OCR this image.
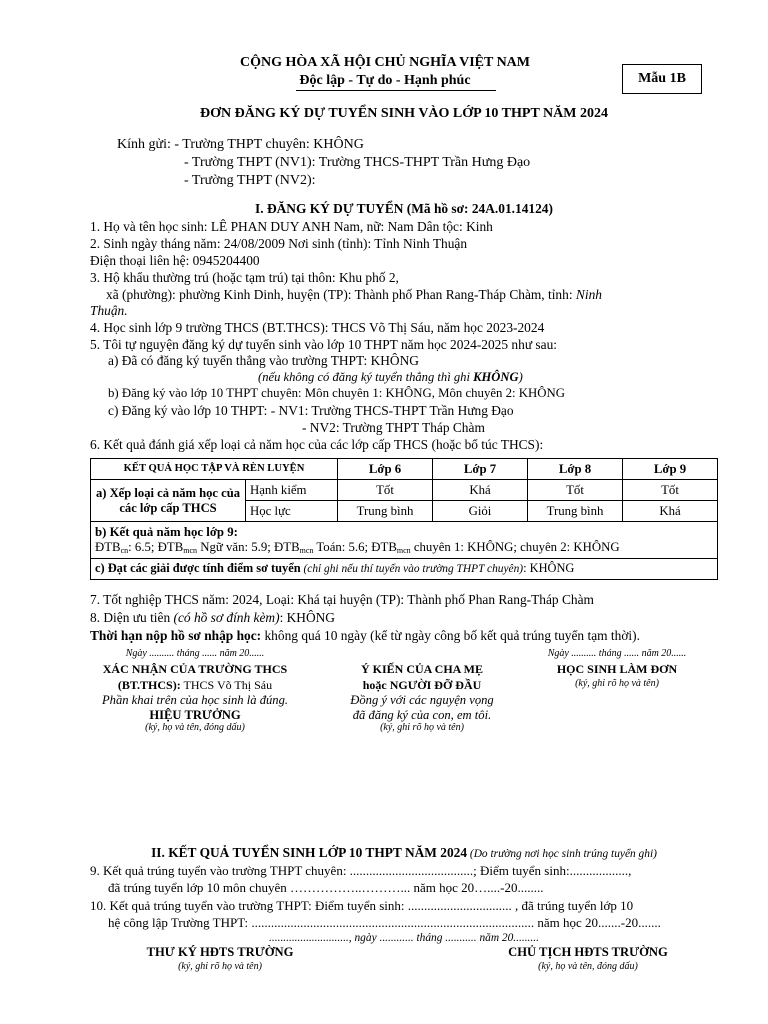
CỘNG HÒA XÃ HỘI CHỦ NGHĨA VIỆT NAM
Độc lập - Tự do - Hạnh phúc	Mẫu 1B
ĐƠN ĐĂNG KÝ DỰ TUYỂN SINH VÀO LỚP 10 THPT NĂM 2024
Kính gửi: - Trường THPT chuyên: KHÔNG
- Trường THPT (NV1): Trường THCS-THPT Trần Hưng Đạo
- Trường THPT (NV2):
I. ĐĂNG KÝ DỰ TUYỂN (Mã hồ sơ: 24A.01.14124)
1. Họ và tên học sinh: LÊ PHAN DUY ANH Nam, nữ: Nam Dân tộc: Kinh
2. Sinh ngày tháng năm: 24/08/2009 Nơi sinh (tỉnh): Tỉnh Ninh Thuận
Điện thoại liên hệ: 0945204400
3. Hộ khẩu thường trú (hoặc tạm trú) tại thôn: Khu phố 2,
xã (phường): phường Kinh Dinh, huyện (TP): Thành phố Phan Rang-Tháp Chàm, tỉnh: Ninh
Thuận.
4. Học sinh lớp 9 trường THCS (BT.THCS): THCS Võ Thị Sáu, năm học 2023-2024
5. Tôi tự nguyện đăng ký dự tuyển sinh vào lớp 10 THPT năm học 2024-2025 như sau:
a) Đã có đăng ký tuyển thẳng vào trường THPT: KHÔNG
(nếu không có đăng ký tuyển thẳng thì ghi KHÔNG)
b) Đăng ký vào lớp 10 THPT chuyên: Môn chuyên 1: KHÔNG, Môn chuyên 2: KHÔNG
c) Đăng ký vào lớp 10 THPT: - NV1: Trường THCS-THPT Trần Hưng Đạo
- NV2: Trường THPT Tháp Chàm
6. Kết quả đánh giá xếp loại cả năm học của các lớp cấp THCS (hoặc bổ túc THCS):
KẾT QUẢ HỌC TẬP VÀ RÈN LUYỆN		Lớp 6	Lớp 7	Lớp 8	Lớp 9
a) Xếp loại cả năm học của các lớp cấp THCS	Hạnh kiểm	Tốt	Khá	Tốt	Tốt
	Học lực	Trung bình	Giỏi	Trung bình	Khá

b) Kết quả năm học lớp 9:
$ĐTB_{cn}$: 6.5; $ĐTB_{mcn}$ Ngữ văn: 5.9; $ĐTB_{mcn}$ Toán: 5.6; $ĐTB_{mcn}$ chuyên 1: KHÔNG; chuyên 2: KHÔNG					

c) Đạt các giải được tính điểm sơ tuyển (chỉ ghi nếu thí tuyển vào trường THPT chuyên): KHÔNG					
7. Tốt nghiệp THCS năm: 2024, Loại: Khá tại huyện (TP): Thành phố Phan Rang-Tháp Chàm
8. Diện ưu tiên (có hồ sơ đính kèm): KHÔNG
Thời hạn nộp hồ sơ nhập học: không quá 10 ngày (kể từ ngày công bố kết quả trúng tuyển tạm thời).
Ngày .......... tháng ...... năm 20......
XÁC NHẬN CỦA TRƯỜNG THCS
(BT.THCS): THCS Võ Thị Sáu
Phần khai trên của học sinh là đúng.
HIỆU TRƯỞNG
(ký, họ và tên, đóng dấu)
Ý KIẾN CỦA CHA MẸ
hoặc NGƯỜI ĐỠ ĐẦU
Đồng ý với các nguyện vọng
đã đăng ký của con, em tôi.
(ký, ghi rõ họ và tên)
Ngày .......... tháng ...... năm 20......
HỌC SINH LÀM ĐƠN
(ký, ghi rõ họ và tên)
II. KẾT QUẢ TUYỂN SINH LỚP 10 THPT NĂM 2024 (Do trường nơi học sinh trúng tuyển ghi)
9. Kết quả trúng tuyển vào trường THPT chuyên: ......................................; Điểm tuyển sinh:..................,
đã trúng tuyển lớp 10 môn chuyên ……………..………... năm học 20…....-20........
10. Kết quả trúng tuyển vào trường THPT: Điểm tuyển sinh: ................................ , đã trúng tuyển lớp 10
hệ công lập Trường THPT: ....................................................................................... năm học 20.......-20.......
............................, ngày ............ tháng ........... năm 20.........
THƯ KÝ HĐTS TRƯỜNG
(ký, ghi rõ họ và tên)
CHỦ TỊCH HĐTS TRƯỜNG
(ký, họ và tên, đóng dấu)
